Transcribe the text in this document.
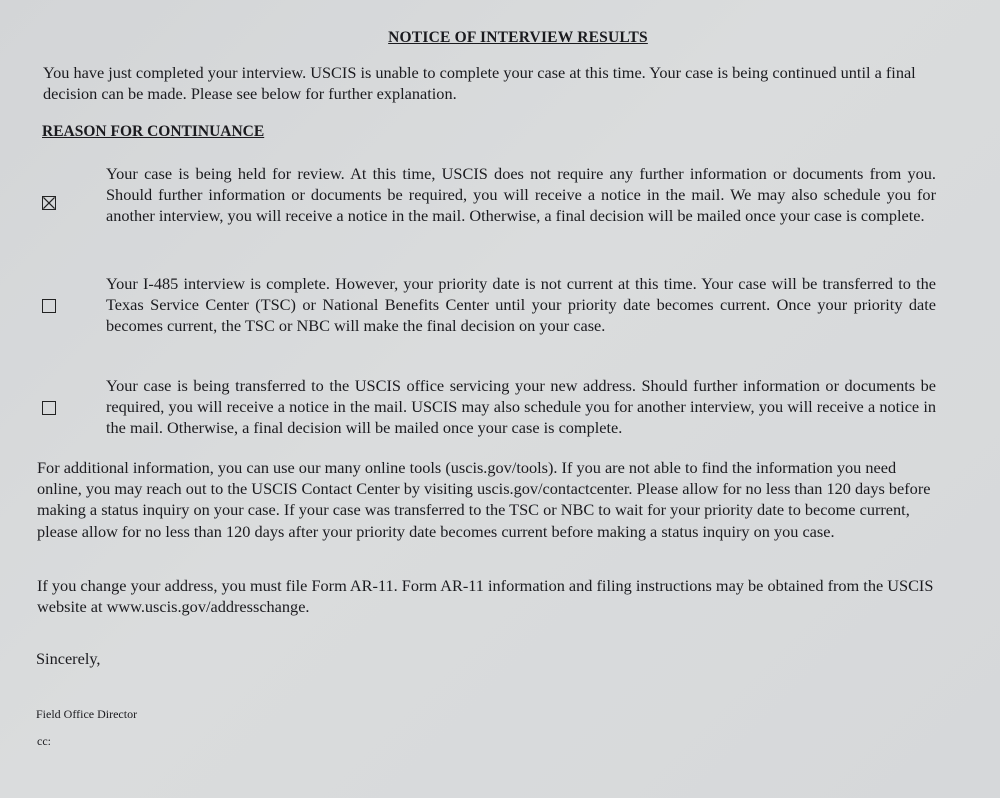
NOTICE OF INTERVIEW RESULTS
You have just completed your interview. USCIS is unable to complete your case at this time. Your case is being continued until a final decision can be made. Please see below for further explanation.
REASON FOR CONTINUANCE
Your case is being held for review. At this time, USCIS does not require any further information or documents from you. Should further information or documents be required, you will receive a notice in the mail. We may also schedule you for another interview, you will receive a notice in the mail. Otherwise, a final decision will be mailed once your case is complete.
Your I-485 interview is complete. However, your priority date is not current at this time. Your case will be transferred to the Texas Service Center (TSC) or National Benefits Center until your priority date becomes current. Once your priority date becomes current, the TSC or NBC will make the final decision on your case.
Your case is being transferred to the USCIS office servicing your new address. Should further information or documents be required, you will receive a notice in the mail. USCIS may also schedule you for another interview, you will receive a notice in the mail. Otherwise, a final decision will be mailed once your case is complete.
For additional information, you can use our many online tools (uscis.gov/tools). If you are not able to find the information you need online, you may reach out to the USCIS Contact Center by visiting uscis.gov/contactcenter. Please allow for no less than 120 days before making a status inquiry on your case. If your case was transferred to the TSC or NBC to wait for your priority date to become current, please allow for no less than 120 days after your priority date becomes current before making a status inquiry on you case.
If you change your address, you must file Form AR-11. Form AR-11 information and filing instructions may be obtained from the USCIS website at www.uscis.gov/addresschange.
Sincerely,
Field Office Director
cc:
